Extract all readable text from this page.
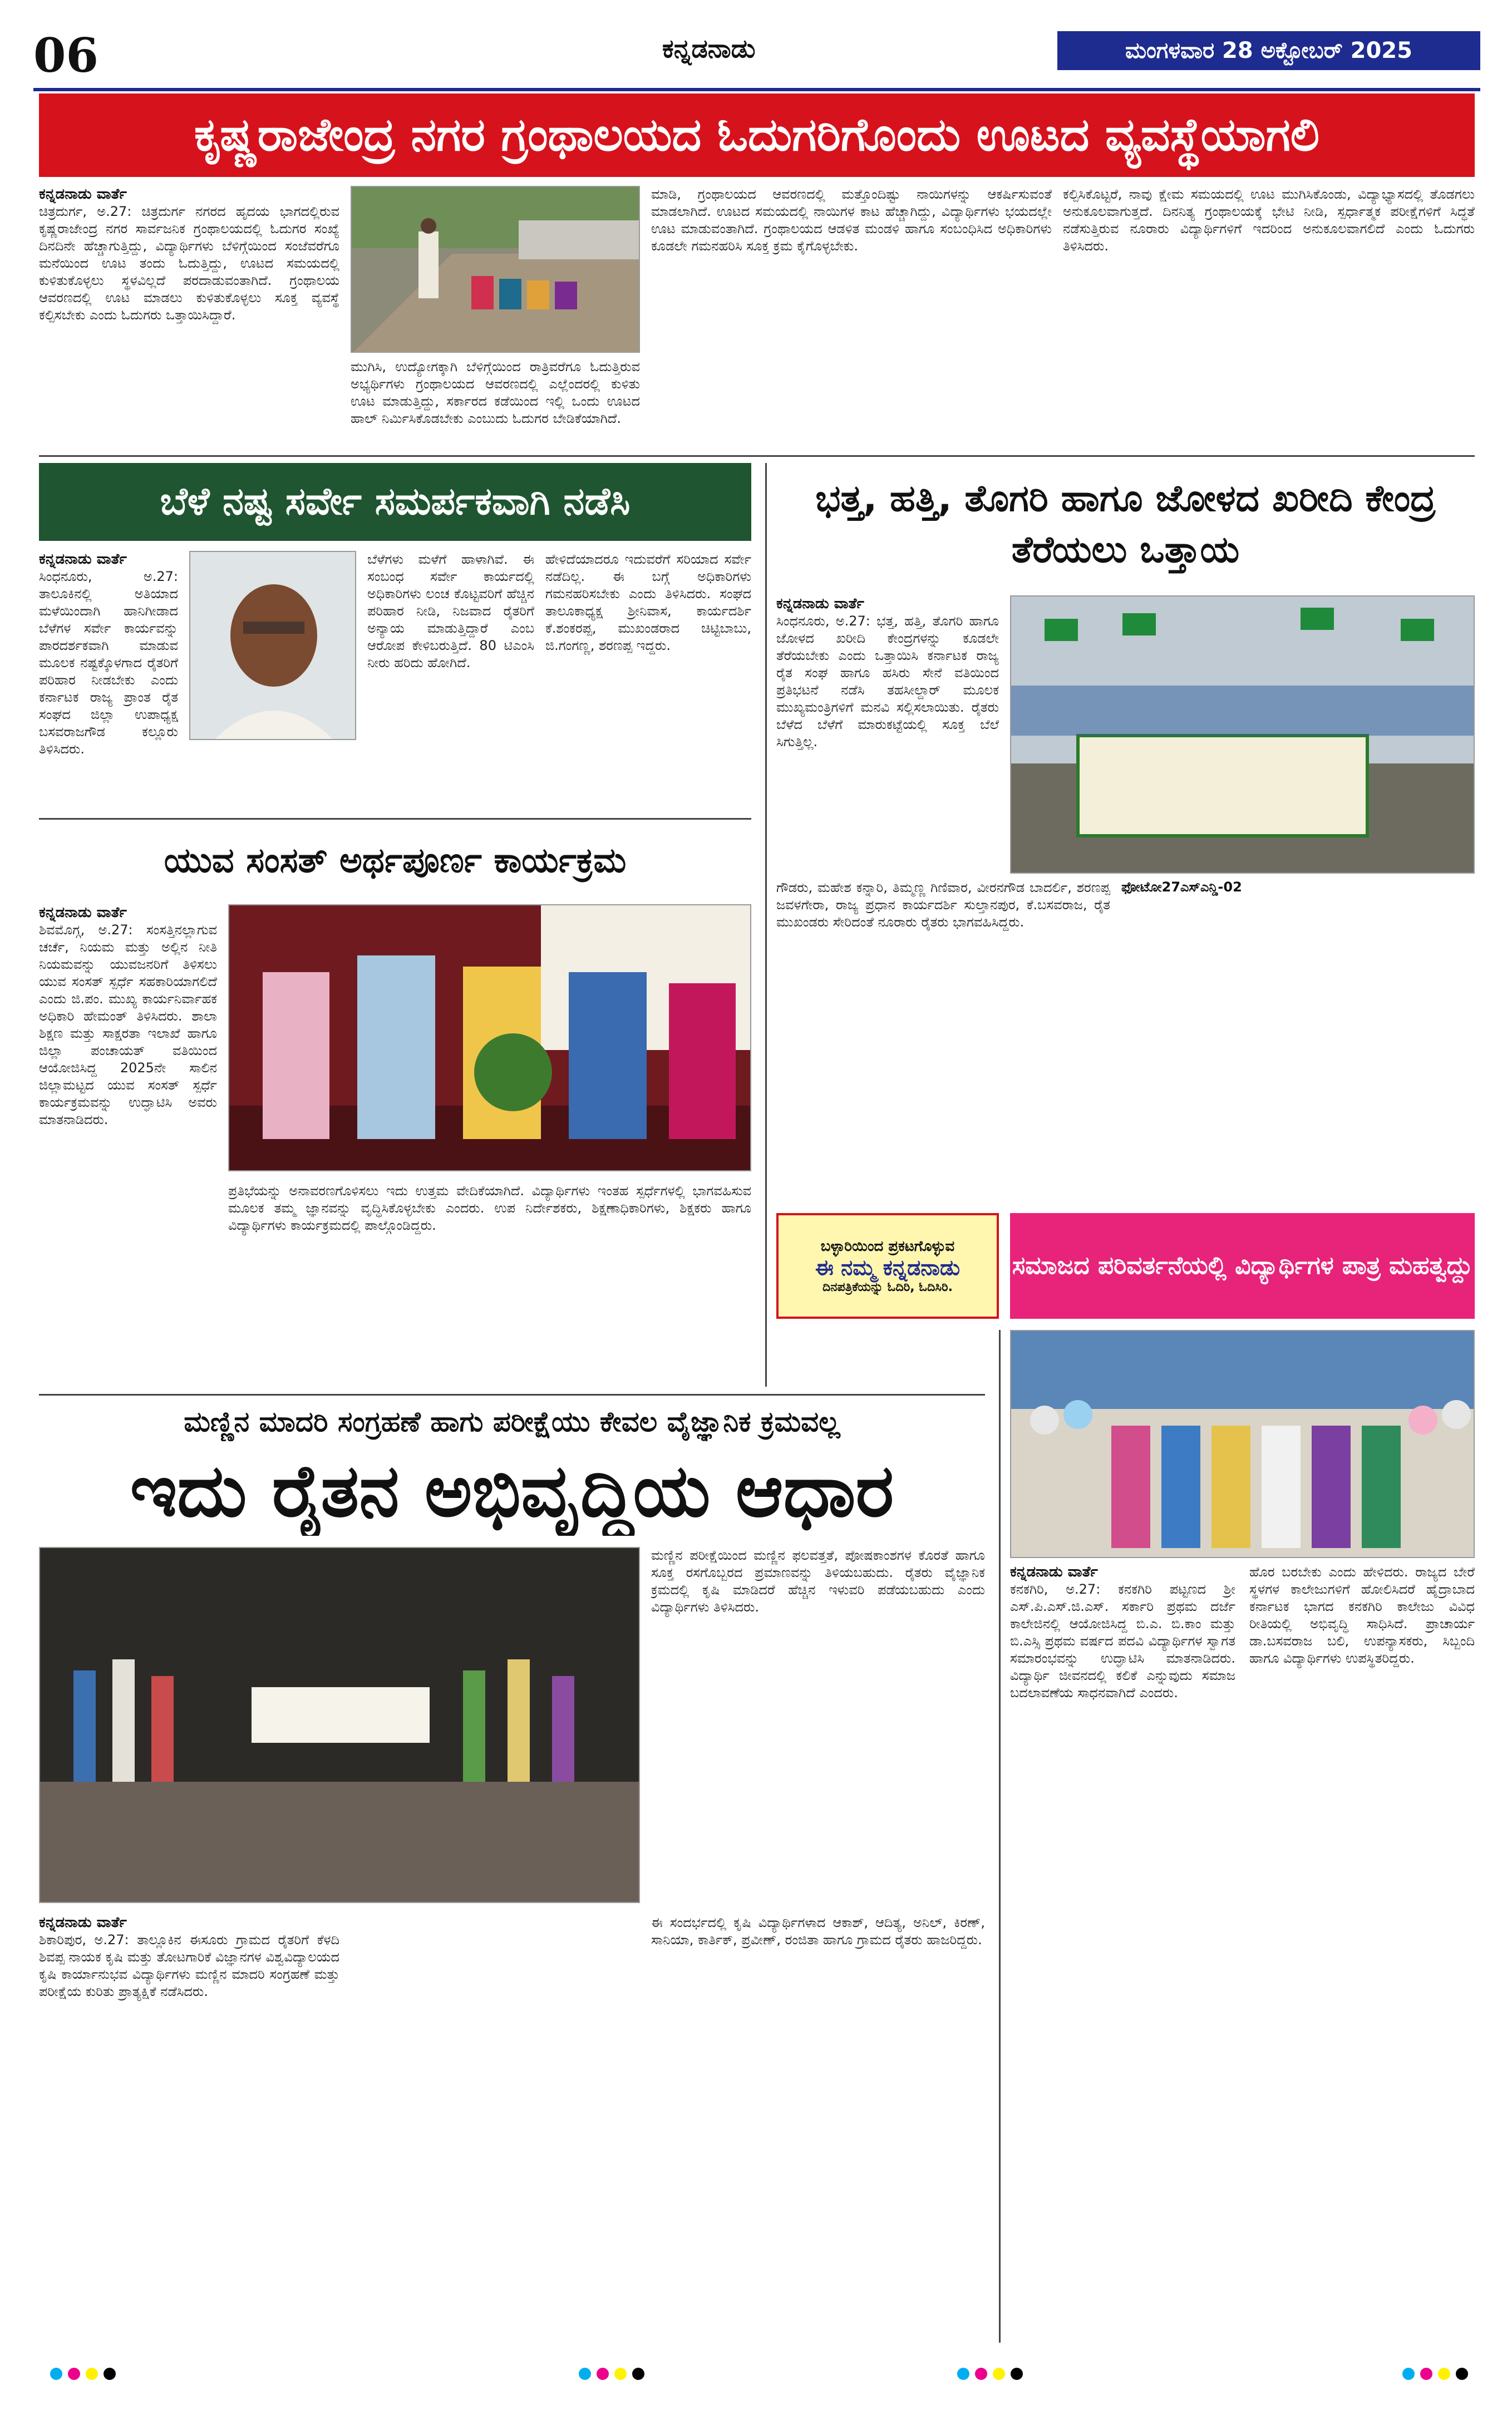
06	ಕನ್ನಡನಾಡು	ಮಂಗಳವಾರ 28 ಅಕ್ಟೋಬರ್ 2025
ಕೃಷ್ಣರಾಜೇಂದ್ರ ನಗರ ಗ್ರಂಥಾಲಯದ ಓದುಗರಿಗೊಂದು ಊಟದ ವ್ಯವಸ್ಥೆಯಾಗಲಿ
ಕನ್ನಡನಾಡು ವಾರ್ತೆ
ಚಿತ್ರದುರ್ಗ, ಅ.27: ಚಿತ್ರದುರ್ಗ ನಗರದ ಹೃದಯ ಭಾಗದಲ್ಲಿರುವ ಕೃಷ್ಣರಾಜೇಂದ್ರ ನಗರ ಸಾರ್ವಜನಿಕ ಗ್ರಂಥಾಲಯದಲ್ಲಿ ಓದುಗರ ಸಂಖ್ಯೆ ದಿನದಿನೇ ಹೆಚ್ಚಾಗುತ್ತಿದ್ದು, ವಿದ್ಯಾರ್ಥಿಗಳು ಬೆಳಿಗ್ಗೆಯಿಂದ ಸಂಜೆವರೆಗೂ ಮನೆಯಿಂದ ಊಟ ತಂದು ಓದುತ್ತಿದ್ದು, ಊಟದ ಸಮಯದಲ್ಲಿ ಕುಳಿತುಕೊಳ್ಳಲು ಸ್ಥಳವಿಲ್ಲದೆ ಪರದಾಡುವಂತಾಗಿದೆ. ಗ್ರಂಥಾಲಯ ಆವರಣದಲ್ಲಿ ಊಟ ಮಾಡಲು ಕುಳಿತುಕೊಳ್ಳಲು ಸೂಕ್ತ ವ್ಯವಸ್ಥೆ ಕಲ್ಪಿಸಬೇಕು ಎಂದು ಓದುಗರು ಒತ್ತಾಯಿಸಿದ್ದಾರೆ.
ಮುಗಿಸಿ, ಉದ್ಯೋಗಕ್ಕಾಗಿ ಬೆಳಿಗ್ಗೆಯಿಂದ ರಾತ್ರಿವರೆಗೂ ಓದುತ್ತಿರುವ ಅಭ್ಯರ್ಥಿಗಳು ಗ್ರಂಥಾಲಯದ ಆವರಣದಲ್ಲಿ ಎಲ್ಲೆಂದರಲ್ಲಿ ಕುಳಿತು ಊಟ ಮಾಡುತ್ತಿದ್ದು, ಸರ್ಕಾರದ ಕಡೆಯಿಂದ ಇಲ್ಲಿ ಒಂದು ಊಟದ ಹಾಲ್ ನಿರ್ಮಿಸಿಕೊಡಬೇಕು ಎಂಬುದು ಓದುಗರ ಬೇಡಿಕೆಯಾಗಿದೆ.
ಮಾಡಿ, ಗ್ರಂಥಾಲಯದ ಆವರಣದಲ್ಲಿ ಮತ್ತೊಂದಿಷ್ಟು ನಾಯಿಗಳನ್ನು ಆಕರ್ಷಿಸುವಂತೆ ಮಾಡಲಾಗಿದೆ. ಊಟದ ಸಮಯದಲ್ಲಿ ನಾಯಿಗಳ ಕಾಟ ಹೆಚ್ಚಾಗಿದ್ದು, ವಿದ್ಯಾರ್ಥಿಗಳು ಭಯದಲ್ಲೇ ಊಟ ಮಾಡುವಂತಾಗಿದೆ. ಗ್ರಂಥಾಲಯದ ಆಡಳಿತ ಮಂಡಳಿ ಹಾಗೂ ಸಂಬಂಧಿಸಿದ ಅಧಿಕಾರಿಗಳು ಕೂಡಲೇ ಗಮನಹರಿಸಿ ಸೂಕ್ತ ಕ್ರಮ ಕೈಗೊಳ್ಳಬೇಕು.
ಕಲ್ಪಿಸಿಕೊಟ್ಟರೆ, ನಾವು ಕ್ಷೇಮ ಸಮಯದಲ್ಲಿ ಊಟ ಮುಗಿಸಿಕೊಂಡು, ವಿದ್ಯಾಭ್ಯಾಸದಲ್ಲಿ ತೊಡಗಲು ಅನುಕೂಲವಾಗುತ್ತದೆ. ದಿನನಿತ್ಯ ಗ್ರಂಥಾಲಯಕ್ಕೆ ಭೇಟಿ ನೀಡಿ, ಸ್ಪರ್ಧಾತ್ಮಕ ಪರೀಕ್ಷೆಗಳಿಗೆ ಸಿದ್ಧತೆ ನಡೆಸುತ್ತಿರುವ ನೂರಾರು ವಿದ್ಯಾರ್ಥಿಗಳಿಗೆ ಇದರಿಂದ ಅನುಕೂಲವಾಗಲಿದೆ ಎಂದು ಓದುಗರು ತಿಳಿಸಿದರು.
ಬೆಳೆ ನಷ್ಟ ಸರ್ವೇ ಸಮರ್ಪಕವಾಗಿ ನಡೆಸಿ
ಕನ್ನಡನಾಡು ವಾರ್ತೆ
ಸಿಂಧನೂರು, ಅ.27: ತಾಲೂಕಿನಲ್ಲಿ ಅತಿಯಾದ ಮಳೆಯಿಂದಾಗಿ ಹಾನಿಗೀಡಾದ ಬೆಳೆಗಳ ಸರ್ವೇ ಕಾರ್ಯವನ್ನು ಪಾರದರ್ಶಕವಾಗಿ ಮಾಡುವ ಮೂಲಕ ನಷ್ಟಕ್ಕೊಳಗಾದ ರೈತರಿಗೆ ಪರಿಹಾರ ನೀಡಬೇಕು ಎಂದು ಕರ್ನಾಟಕ ರಾಜ್ಯ ಪ್ರಾಂತ ರೈತ ಸಂಘದ ಜಿಲ್ಲಾ ಉಪಾಧ್ಯಕ್ಷ ಬಸವರಾಜಗೌಡ ಕಲ್ಲೂರು ತಿಳಿಸಿದರು.
ಬೆಳೆಗಳು ಮಳೆಗೆ ಹಾಳಾಗಿವೆ. ಈ ಸಂಬಂಧ ಸರ್ವೇ ಕಾರ್ಯದಲ್ಲಿ ಅಧಿಕಾರಿಗಳು ಲಂಚ ಕೊಟ್ಟವರಿಗೆ ಹೆಚ್ಚಿನ ಪರಿಹಾರ ನೀಡಿ, ನಿಜವಾದ ರೈತರಿಗೆ ಅನ್ಯಾಯ ಮಾಡುತ್ತಿದ್ದಾರೆ ಎಂಬ ಆರೋಪ ಕೇಳಿಬರುತ್ತಿದೆ. 80 ಟಿಎಂಸಿ ನೀರು ಹರಿದು ಹೋಗಿದೆ.
ಹೇಳಿದೆಯಾದರೂ ಇದುವರೆಗೆ ಸರಿಯಾದ ಸರ್ವೇ ನಡೆದಿಲ್ಲ. ಈ ಬಗ್ಗೆ ಅಧಿಕಾರಿಗಳು ಗಮನಹರಿಸಬೇಕು ಎಂದು ತಿಳಿಸಿದರು. ಸಂಘದ ತಾಲೂಕಾಧ್ಯಕ್ಷ ಶ್ರೀನಿವಾಸ, ಕಾರ್ಯದರ್ಶಿ ಕೆ.ಶಂಕರಪ್ಪ, ಮುಖಂಡರಾದ ಚಿಟ್ಟಿಬಾಬು, ಜಿ.ಗಂಗಣ್ಣ, ಶರಣಪ್ಪ ಇದ್ದರು.
ಯುವ ಸಂಸತ್ ಅರ್ಥಪೂರ್ಣ ಕಾರ್ಯಕ್ರಮ
ಕನ್ನಡನಾಡು ವಾರ್ತೆ
ಶಿವಮೊಗ್ಗ, ಅ.27: ಸಂಸತ್ತಿನಲ್ಲಾಗುವ ಚರ್ಚೆ, ನಿಯಮ ಮತ್ತು ಅಲ್ಲಿನ ನೀತಿ ನಿಯಮವನ್ನು ಯುವಜನರಿಗೆ ತಿಳಿಸಲು ಯುವ ಸಂಸತ್ ಸ್ಪರ್ಧೆ ಸಹಕಾರಿಯಾಗಲಿದೆ ಎಂದು ಜಿ.ಪಂ. ಮುಖ್ಯ ಕಾರ್ಯನಿರ್ವಾಹಕ ಅಧಿಕಾರಿ ಹೇಮಂತ್ ತಿಳಿಸಿದರು. ಶಾಲಾ ಶಿಕ್ಷಣ ಮತ್ತು ಸಾಕ್ಷರತಾ ಇಲಾಖೆ ಹಾಗೂ ಜಿಲ್ಲಾ ಪಂಚಾಯತ್ ವತಿಯಿಂದ ಆಯೋಜಿಸಿದ್ದ 2025ನೇ ಸಾಲಿನ ಜಿಲ್ಲಾಮಟ್ಟದ ಯುವ ಸಂಸತ್ ಸ್ಪರ್ಧೆ ಕಾರ್ಯಕ್ರಮವನ್ನು ಉದ್ಘಾಟಿಸಿ ಅವರು ಮಾತನಾಡಿದರು.
ಪ್ರತಿಭೆಯನ್ನು ಅನಾವರಣಗೊಳಿಸಲು ಇದು ಉತ್ತಮ ವೇದಿಕೆಯಾಗಿದೆ. ವಿದ್ಯಾರ್ಥಿಗಳು ಇಂತಹ ಸ್ಪರ್ಧೆಗಳಲ್ಲಿ ಭಾಗವಹಿಸುವ ಮೂಲಕ ತಮ್ಮ ಜ್ಞಾನವನ್ನು ವೃದ್ಧಿಸಿಕೊಳ್ಳಬೇಕು ಎಂದರು. ಉಪ ನಿರ್ದೇಶಕರು, ಶಿಕ್ಷಣಾಧಿಕಾರಿಗಳು, ಶಿಕ್ಷಕರು ಹಾಗೂ ವಿದ್ಯಾರ್ಥಿಗಳು ಕಾರ್ಯಕ್ರಮದಲ್ಲಿ ಪಾಲ್ಗೊಂಡಿದ್ದರು.
ಭತ್ತ, ಹತ್ತಿ, ತೊಗರಿ ಹಾಗೂ ಜೋಳದ ಖರೀದಿ ಕೇಂದ್ರ ತೆರೆಯಲು ಒತ್ತಾಯ
ಕನ್ನಡನಾಡು ವಾರ್ತೆ
ಸಿಂಧನೂರು, ಅ.27: ಭತ್ತ, ಹತ್ತಿ, ತೊಗರಿ ಹಾಗೂ ಜೋಳದ ಖರೀದಿ ಕೇಂದ್ರಗಳನ್ನು ಕೂಡಲೇ ತೆರೆಯಬೇಕು ಎಂದು ಒತ್ತಾಯಿಸಿ ಕರ್ನಾಟಕ ರಾಜ್ಯ ರೈತ ಸಂಘ ಹಾಗೂ ಹಸಿರು ಸೇನೆ ವತಿಯಿಂದ ಪ್ರತಿಭಟನೆ ನಡೆಸಿ ತಹಸೀಲ್ದಾರ್ ಮೂಲಕ ಮುಖ್ಯಮಂತ್ರಿಗಳಿಗೆ ಮನವಿ ಸಲ್ಲಿಸಲಾಯಿತು. ರೈತರು ಬೆಳೆದ ಬೆಳೆಗೆ ಮಾರುಕಟ್ಟೆಯಲ್ಲಿ ಸೂಕ್ತ ಬೆಲೆ ಸಿಗುತ್ತಿಲ್ಲ.
ಗೌಡರು, ಮಹೇಶ ಕನ್ನಾರಿ, ತಿಮ್ಮಣ್ಣ ಗಿಣಿವಾರ, ವೀರನಗೌಡ ಬಾದರ್ಲಿ, ಶರಣಪ್ಪ ಜವಳಗೇರಾ, ರಾಜ್ಯ ಪ್ರಧಾನ ಕಾರ್ಯದರ್ಶಿ ಸುಲ್ತಾನಪುರ, ಕೆ.ಬಸವರಾಜ, ರೈತ ಮುಖಂಡರು ಸೇರಿದಂತೆ ನೂರಾರು ರೈತರು ಭಾಗವಹಿಸಿದ್ದರು.
ಫೋಟೋ27ಎಸ್ಎನ್ಡಿ-02
ಬಳ್ಳಾರಿಯಿಂದ ಪ್ರಕಟಗೊಳ್ಳುವ
ಈ ನಮ್ಮ ಕನ್ನಡನಾಡು
ದಿನಪತ್ರಿಕೆಯನ್ನು ಓದಿರಿ, ಓದಿಸಿರಿ.
ಸಮಾಜದ ಪರಿವರ್ತನೆಯಲ್ಲಿ ವಿದ್ಯಾರ್ಥಿಗಳ ಪಾತ್ರ ಮಹತ್ವದ್ದು
ಕನ್ನಡನಾಡು ವಾರ್ತೆ
ಕನಕಗಿರಿ, ಅ.27: ಕನಕಗಿರಿ ಪಟ್ಟಣದ ಶ್ರೀ ಎಸ್.ಪಿ.ಎಸ್.ಜಿ.ಎಸ್. ಸರ್ಕಾರಿ ಪ್ರಥಮ ದರ್ಜೆ ಕಾಲೇಜಿನಲ್ಲಿ ಆಯೋಜಿಸಿದ್ದ ಬಿ.ಎ. ಬಿ.ಕಾಂ ಮತ್ತು ಬಿ.ಎಸ್ಸಿ ಪ್ರಥಮ ವರ್ಷದ ಪದವಿ ವಿದ್ಯಾರ್ಥಿಗಳ ಸ್ವಾಗತ ಸಮಾರಂಭವನ್ನು ಉದ್ಘಾಟಿಸಿ ಮಾತನಾಡಿದರು. ವಿದ್ಯಾರ್ಥಿ ಜೀವನದಲ್ಲಿ ಕಲಿಕೆ ಎನ್ನುವುದು ಸಮಾಜ ಬದಲಾವಣೆಯ ಸಾಧನವಾಗಿದೆ ಎಂದರು.
ಹೊರ ಬರಬೇಕು ಎಂದು ಹೇಳಿದರು. ರಾಜ್ಯದ ಬೇರೆ ಸ್ಥಳಗಳ ಕಾಲೇಜುಗಳಿಗೆ ಹೋಲಿಸಿದರೆ ಹೈದ್ರಾಬಾದ ಕರ್ನಾಟಕ ಭಾಗದ ಕನಕಗಿರಿ ಕಾಲೇಜು ವಿವಿಧ ರೀತಿಯಲ್ಲಿ ಅಭಿವೃದ್ಧಿ ಸಾಧಿಸಿದೆ. ಪ್ರಾಚಾರ್ಯ ಡಾ.ಬಸವರಾಜ ಬಲಿ, ಉಪನ್ಯಾಸಕರು, ಸಿಬ್ಬಂದಿ ಹಾಗೂ ವಿದ್ಯಾರ್ಥಿಗಳು ಉಪಸ್ಥಿತರಿದ್ದರು.
ಮಣ್ಣಿನ ಮಾದರಿ ಸಂಗ್ರಹಣೆ ಹಾಗು ಪರೀಕ್ಷೆಯು ಕೇವಲ ವೈಜ್ಞಾನಿಕ ಕ್ರಮವಲ್ಲ
ಇದು ರೈತನ ಅಭಿವೃದ್ಧಿಯ ಆಧಾರ
ಮಣ್ಣಿನ ಪರೀಕ್ಷೆಯಿಂದ ಮಣ್ಣಿನ ಫಲವತ್ತತೆ, ಪೋಷಕಾಂಶಗಳ ಕೊರತೆ ಹಾಗೂ ಸೂಕ್ತ ರಸಗೊಬ್ಬರದ ಪ್ರಮಾಣವನ್ನು ತಿಳಿಯಬಹುದು. ರೈತರು ವೈಜ್ಞಾನಿಕ ಕ್ರಮದಲ್ಲಿ ಕೃಷಿ ಮಾಡಿದರೆ ಹೆಚ್ಚಿನ ಇಳುವರಿ ಪಡೆಯಬಹುದು ಎಂದು ವಿದ್ಯಾರ್ಥಿಗಳು ತಿಳಿಸಿದರು.
ಕನ್ನಡನಾಡು ವಾರ್ತೆ
ಶಿಕಾರಿಪುರ, ಅ.27: ತಾಲ್ಲೂಕಿನ ಈಸೂರು ಗ್ರಾಮದ ರೈತರಿಗೆ ಕೆಳದಿ ಶಿವಪ್ಪ ನಾಯಕ ಕೃಷಿ ಮತ್ತು ತೋಟಗಾರಿಕೆ ವಿಜ್ಞಾನಗಳ ವಿಶ್ವವಿದ್ಯಾಲಯದ ಕೃಷಿ ಕಾರ್ಯಾನುಭವ ವಿದ್ಯಾರ್ಥಿಗಳು ಮಣ್ಣಿನ ಮಾದರಿ ಸಂಗ್ರಹಣೆ ಮತ್ತು ಪರೀಕ್ಷೆಯ ಕುರಿತು ಪ್ರಾತ್ಯಕ್ಷಿಕೆ ನಡೆಸಿದರು.
ಈ ಸಂದರ್ಭದಲ್ಲಿ ಕೃಷಿ ವಿದ್ಯಾರ್ಥಿಗಳಾದ ಆಕಾಶ್, ಆದಿತ್ಯ, ಅನಿಲ್, ಕಿರಣ್, ಸಾನಿಯಾ, ಕಾರ್ತಿಕ್, ಪ್ರವೀಣ್, ರಂಜಿತಾ ಹಾಗೂ ಗ್ರಾಮದ ರೈತರು ಹಾಜರಿದ್ದರು.
